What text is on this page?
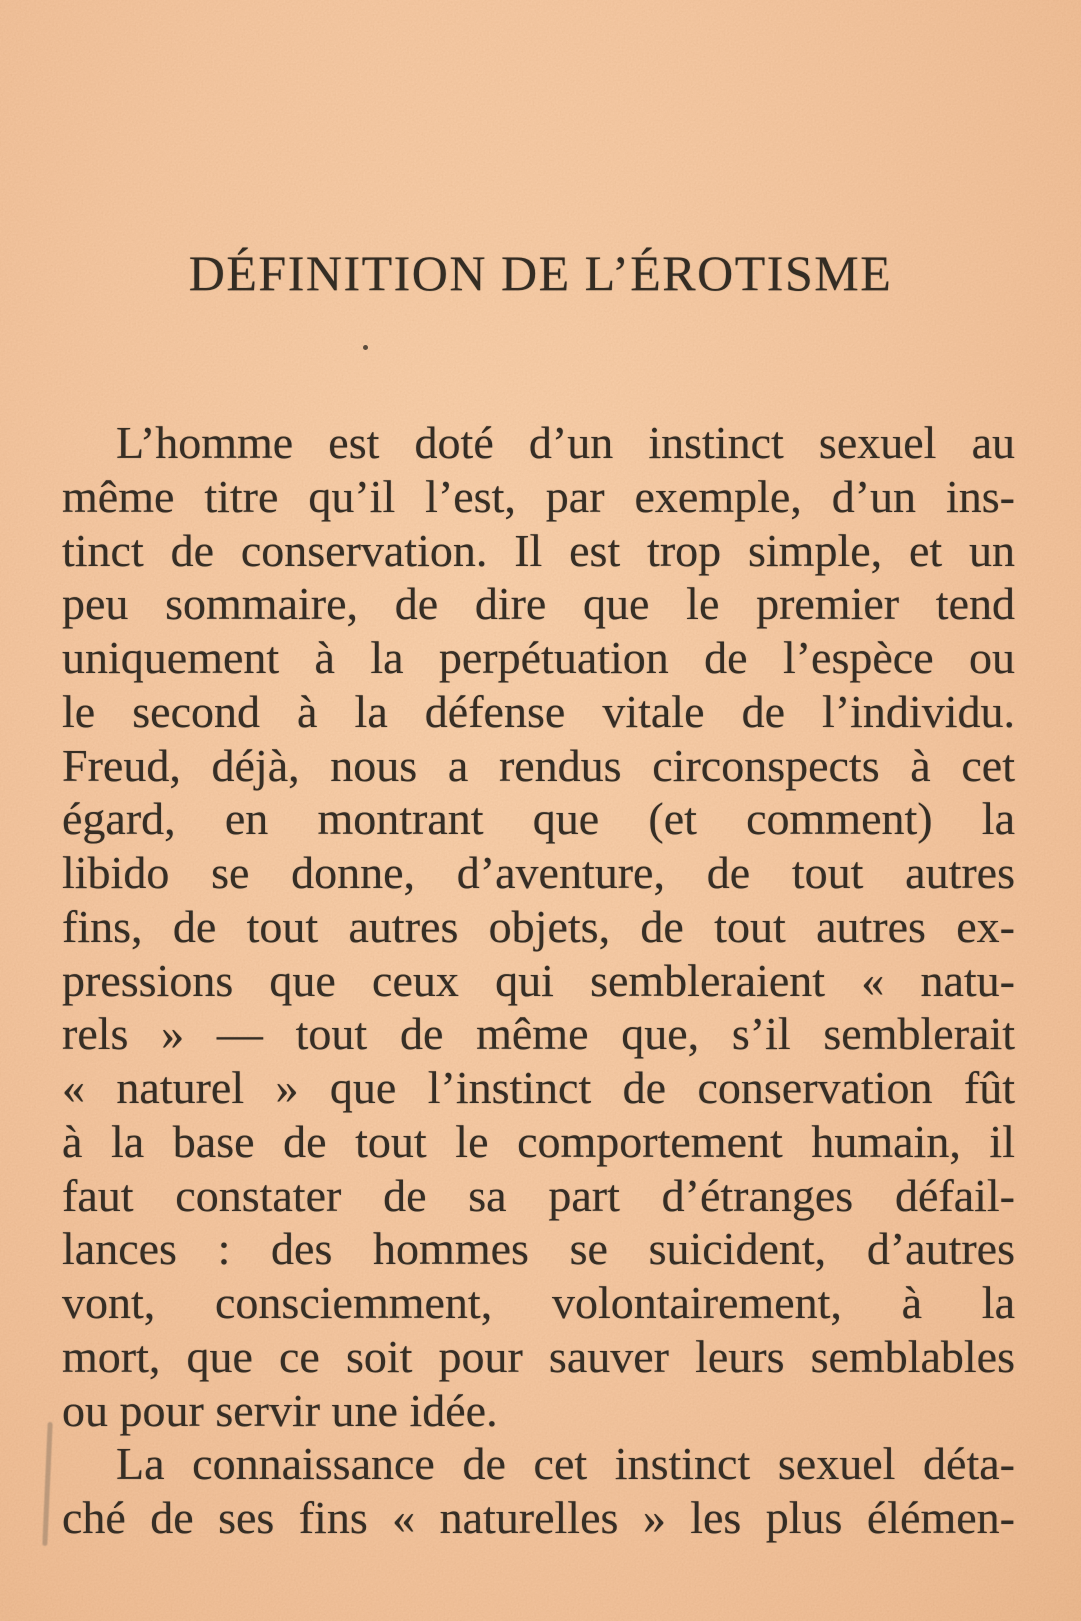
DÉFINITION DE L’ÉROTISME
L’homme est doté d’un instinct sexuel au
même titre qu’il l’est, par exemple, d’un ins-
tinct de conservation. Il est trop simple, et un
peu sommaire, de dire que le premier tend
uniquement à la perpétuation de l’espèce ou
le second à la défense vitale de l’individu.
Freud, déjà, nous a rendus circonspects à cet
égard, en montrant que (et comment) la
libido se donne, d’aventure, de tout autres
fins, de tout autres objets, de tout autres ex-
pressions que ceux qui sembleraient « natu-
rels » — tout de même que, s’il semblerait
« naturel » que l’instinct de conservation fût
à la base de tout le comportement humain, il
faut constater de sa part d’étranges défail-
lances : des hommes se suicident, d’autres
vont, consciemment, volontairement, à la
mort, que ce soit pour sauver leurs semblables
ou pour servir une idée.
La connaissance de cet instinct sexuel déta-
ché de ses fins « naturelles » les plus élémen-
